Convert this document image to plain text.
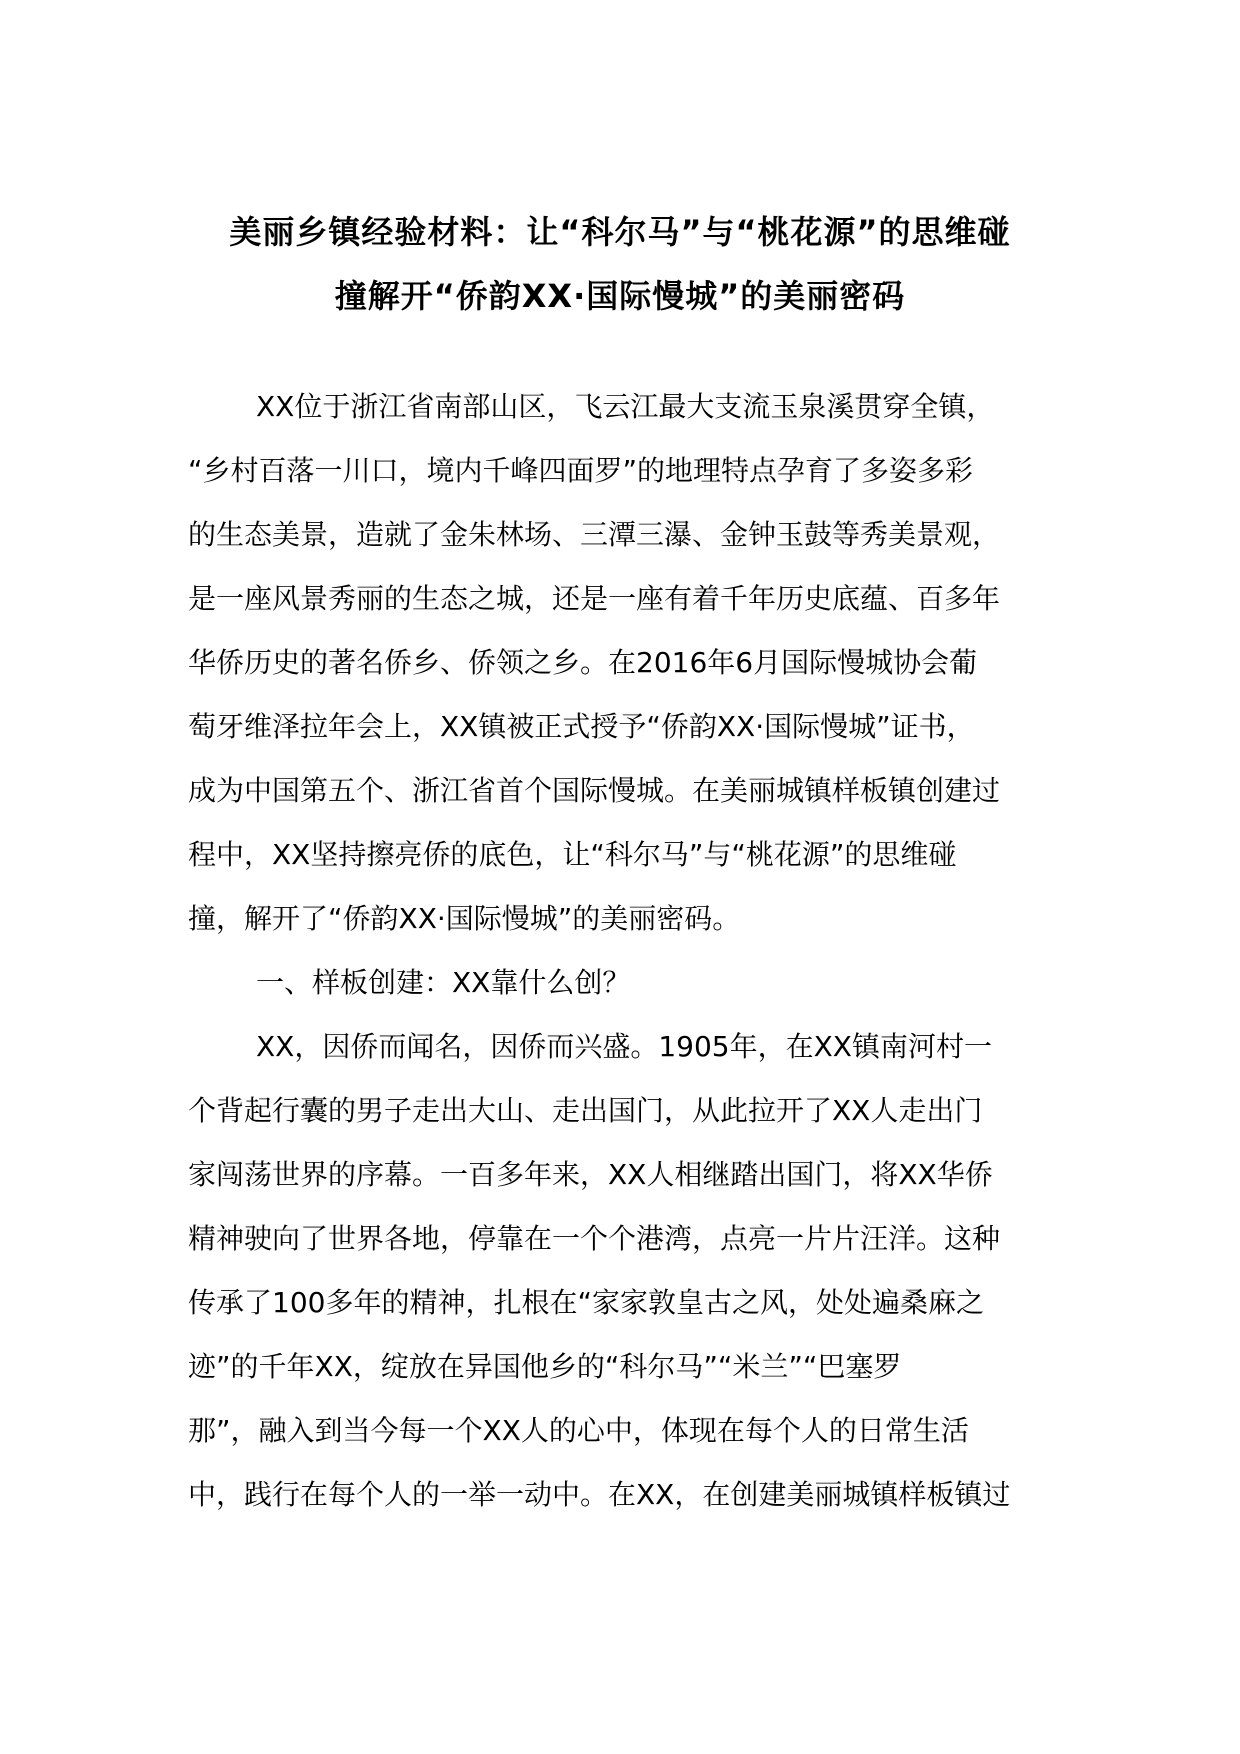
美丽乡镇经验材料：让“科尔马”与“桃花源”的思维碰
撞解开“侨韵XX·国际慢城”的美丽密码
XX位于浙江省南部山区，飞云江最大支流玉泉溪贯穿全镇，
“乡村百落一川口，境内千峰四面罗”的地理特点孕育了多姿多彩
的生态美景，造就了金朱林场、三潭三瀑、金钟玉鼓等秀美景观，
是一座风景秀丽的生态之城，还是一座有着千年历史底蕴、百多年
华侨历史的著名侨乡、侨领之乡。在2016年6月国际慢城协会葡
萄牙维泽拉年会上，XX镇被正式授予“侨韵XX·国际慢城”证书，
成为中国第五个、浙江省首个国际慢城。在美丽城镇样板镇创建过
程中，XX坚持擦亮侨的底色，让“科尔马”与“桃花源”的思维碰
撞，解开了“侨韵XX·国际慢城”的美丽密码。
一、样板创建：XX靠什么创？
XX，因侨而闻名，因侨而兴盛。1905年，在XX镇南河村一
个背起行囊的男子走出大山、走出国门，从此拉开了XX人走出门
家闯荡世界的序幕。一百多年来，XX人相继踏出国门，将XX华侨
精神驶向了世界各地，停靠在一个个港湾，点亮一片片汪洋。这种
传承了100多年的精神，扎根在“家家敦皇古之风，处处遍桑麻之
迹”的千年XX，绽放在异国他乡的“科尔马”“米兰”“巴塞罗
那”，融入到当今每一个XX人的心中，体现在每个人的日常生活
中，践行在每个人的一举一动中。在XX，在创建美丽城镇样板镇过
